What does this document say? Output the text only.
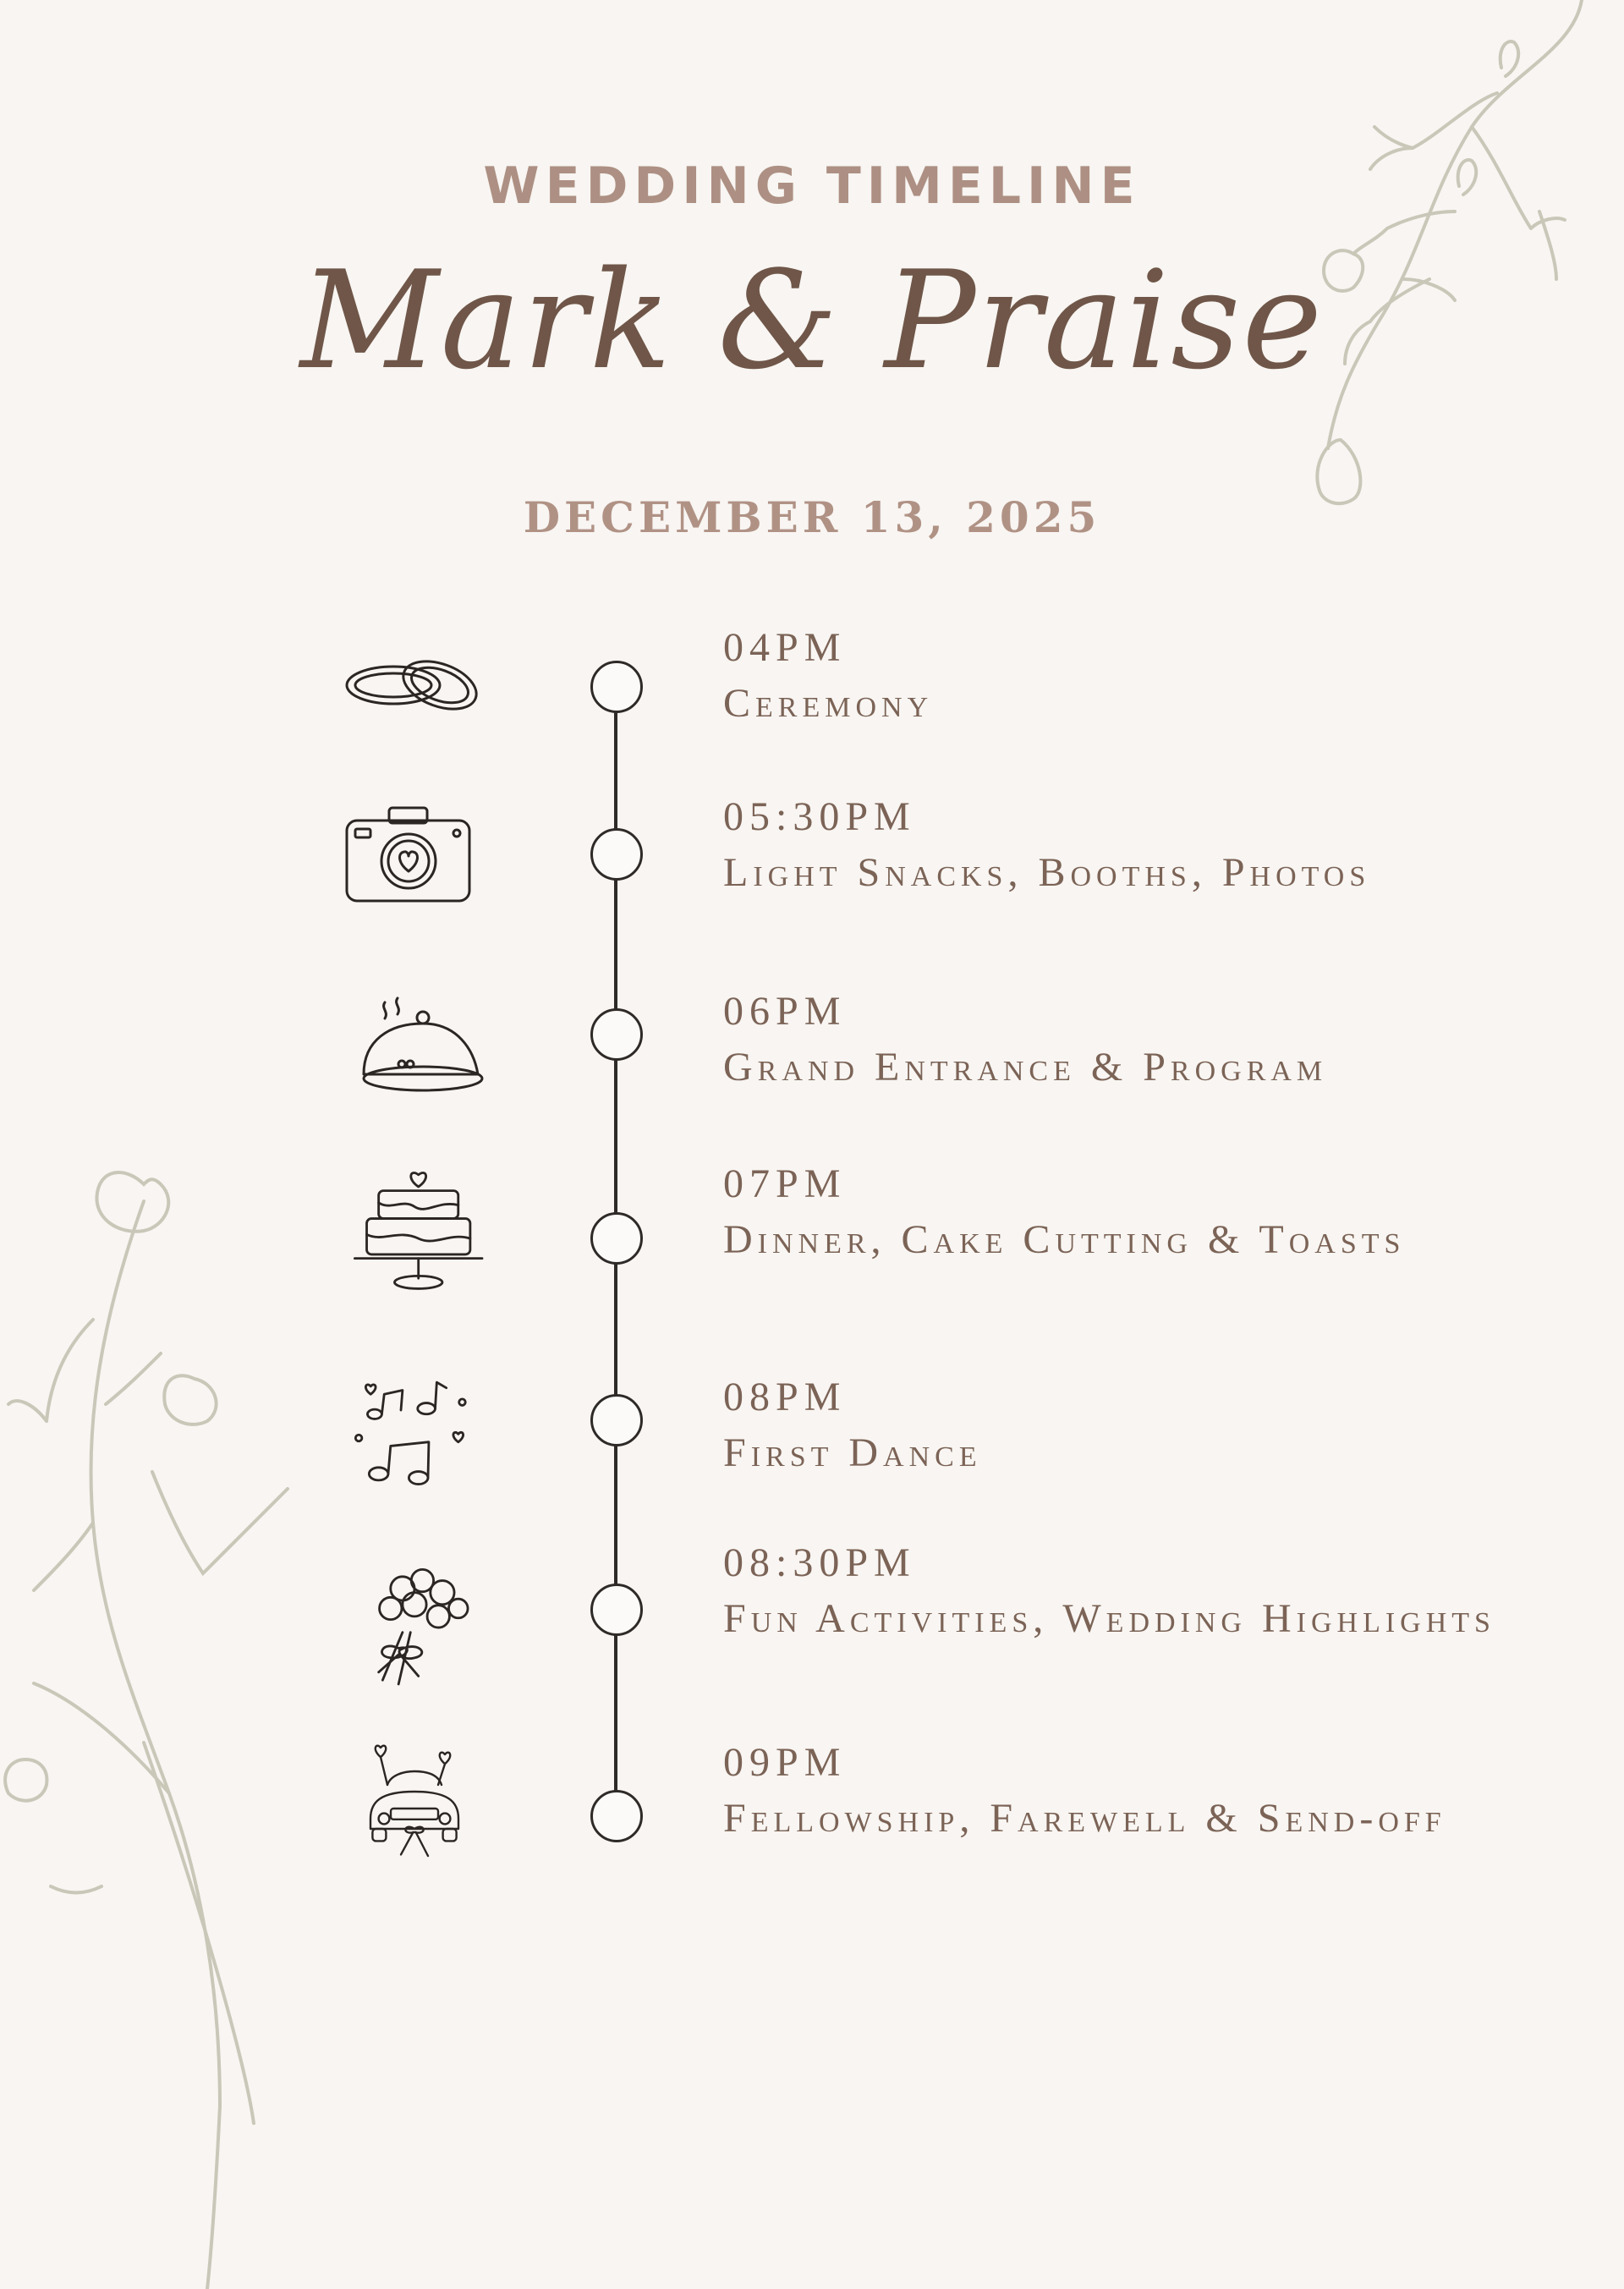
WEDDING TIMELINE
Mark & Praise
DECEMBER 13, 2025
04PM
Ceremony
05:30PM
Light Snacks, Booths, Photos
06PM
Grand Entrance & Program
07PM
Dinner, Cake Cutting & Toasts
08PM
First Dance
08:30PM
Fun Activities, Wedding Highlights
09PM
Fellowship, Farewell & Send-off
